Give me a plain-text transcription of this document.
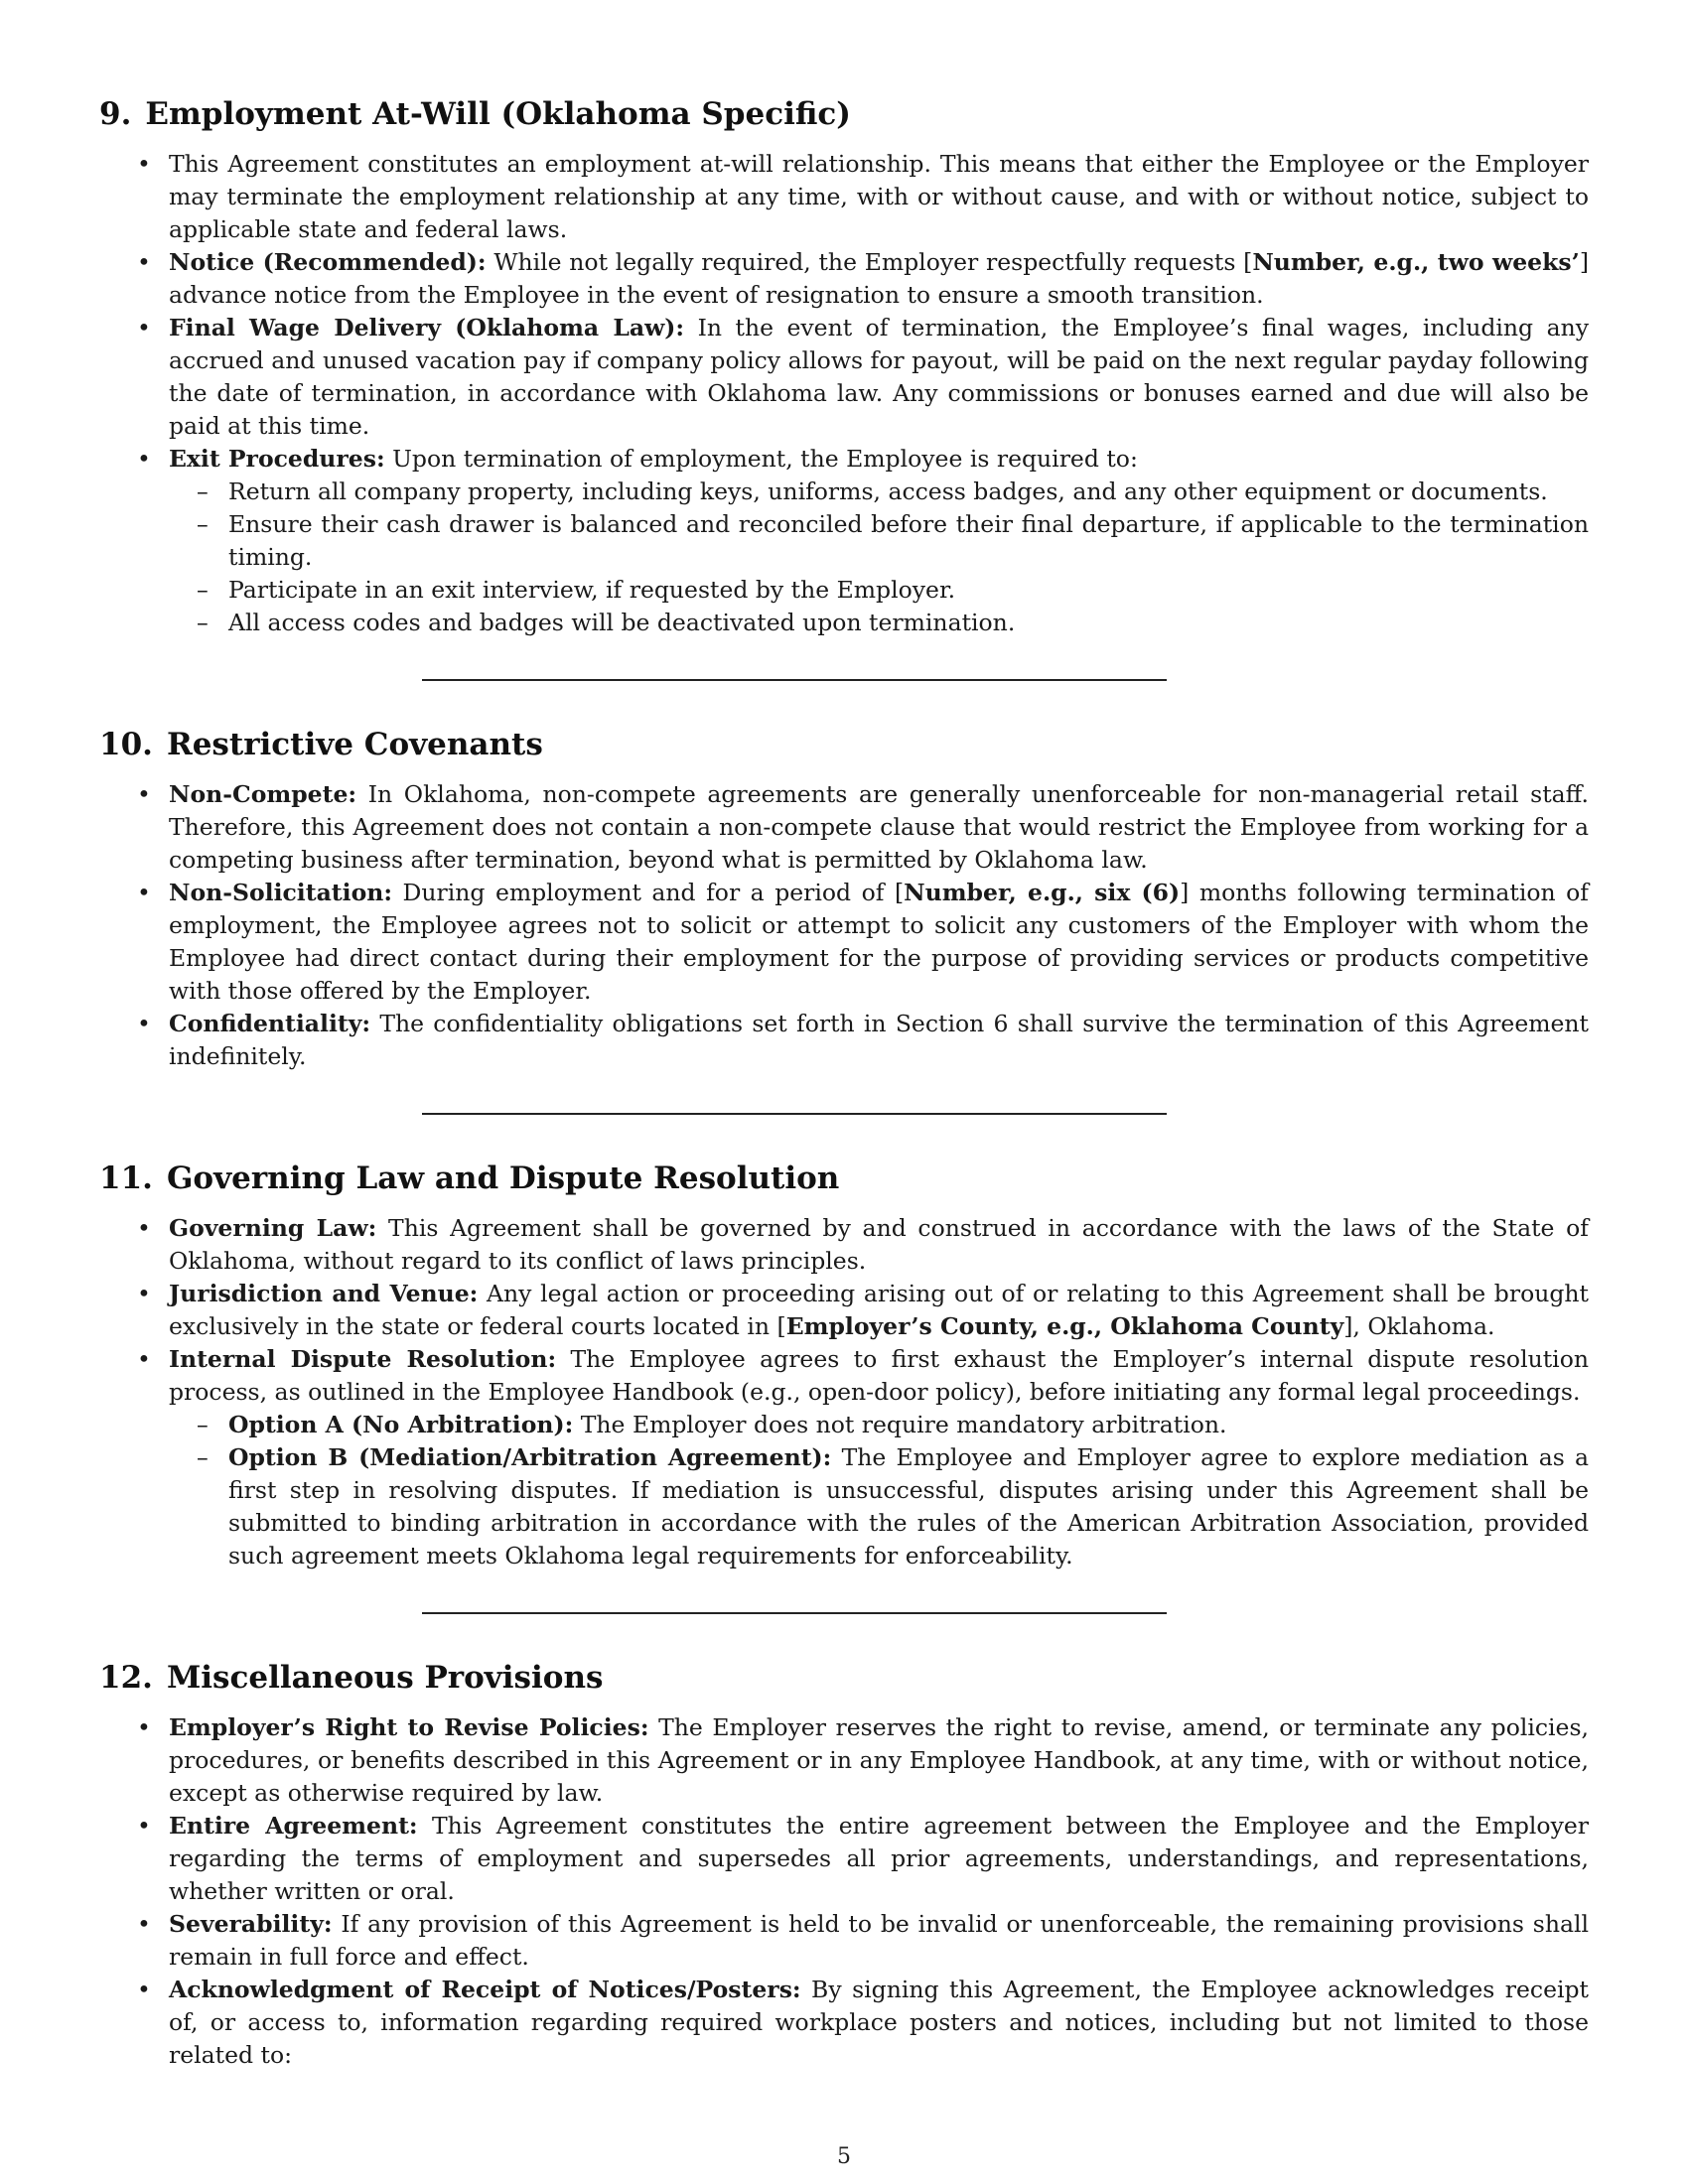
9. Employment At-Will (Oklahoma Specific)
• This Agreement constitutes an employment at-will relationship. This means that either the Employee or the Employer may terminate the employment relationship at any time, with or without cause, and with or without notice, subject to applicable state and federal laws.
• Notice (Recommended): While not legally required, the Employer respectfully requests [Number, e.g., two weeks’] advance notice from the Employee in the event of resignation to ensure a smooth transition.
• Final Wage Delivery (Oklahoma Law): In the event of termination, the Employee’s final wages, including any accrued and unused vacation pay if company policy allows for payout, will be paid on the next regular payday following the date of termination, in accordance with Oklahoma law. Any commissions or bonuses earned and due will also be paid at this time.
• Exit Procedures: Upon termination of employment, the Employee is required to:
– Return all company property, including keys, uniforms, access badges, and any other equipment or documents.
– Ensure their cash drawer is balanced and reconciled before their final departure, if applicable to the termination timing.
– Participate in an exit interview, if requested by the Employer.
– All access codes and badges will be deactivated upon termination.
10. Restrictive Covenants
• Non-Compete: In Oklahoma, non-compete agreements are generally unenforceable for non-managerial retail staff. Therefore, this Agreement does not contain a non-compete clause that would restrict the Employee from working for a competing business after termination, beyond what is permitted by Oklahoma law.
• Non-Solicitation: During employment and for a period of [Number, e.g., six (6)] months following termination of employment, the Employee agrees not to solicit or attempt to solicit any customers of the Employer with whom the Employee had direct contact during their employment for the purpose of providing services or products competitive with those offered by the Employer.
• Confidentiality: The confidentiality obligations set forth in Section 6 shall survive the termination of this Agreement indefinitely.
11. Governing Law and Dispute Resolution
• Governing Law: This Agreement shall be governed by and construed in accordance with the laws of the State of Oklahoma, without regard to its conflict of laws principles.
• Jurisdiction and Venue: Any legal action or proceeding arising out of or relating to this Agreement shall be brought exclusively in the state or federal courts located in [Employer’s County, e.g., Oklahoma County], Oklahoma.
• Internal Dispute Resolution: The Employee agrees to first exhaust the Employer’s internal dispute resolution process, as outlined in the Employee Handbook (e.g., open-door policy), before initiating any formal legal proceedings.
– Option A (No Arbitration): The Employer does not require mandatory arbitration.
– Option B (Mediation/Arbitration Agreement): The Employee and Employer agree to explore mediation as a first step in resolving disputes. If mediation is unsuccessful, disputes arising under this Agreement shall be submitted to binding arbitration in accordance with the rules of the American Arbitration Association, provided such agreement meets Oklahoma legal requirements for enforceability.
12. Miscellaneous Provisions
• Employer’s Right to Revise Policies: The Employer reserves the right to revise, amend, or terminate any policies, procedures, or benefits described in this Agreement or in any Employee Handbook, at any time, with or without notice, except as otherwise required by law.
• Entire Agreement: This Agreement constitutes the entire agreement between the Employee and the Employer regarding the terms of employment and supersedes all prior agreements, understandings, and representations, whether written or oral.
• Severability: If any provision of this Agreement is held to be invalid or unenforceable, the remaining provisions shall remain in full force and effect.
• Acknowledgment of Receipt of Notices/Posters: By signing this Agreement, the Employee acknowledges receipt of, or access to, information regarding required workplace posters and notices, including but not limited to those related to:
5
